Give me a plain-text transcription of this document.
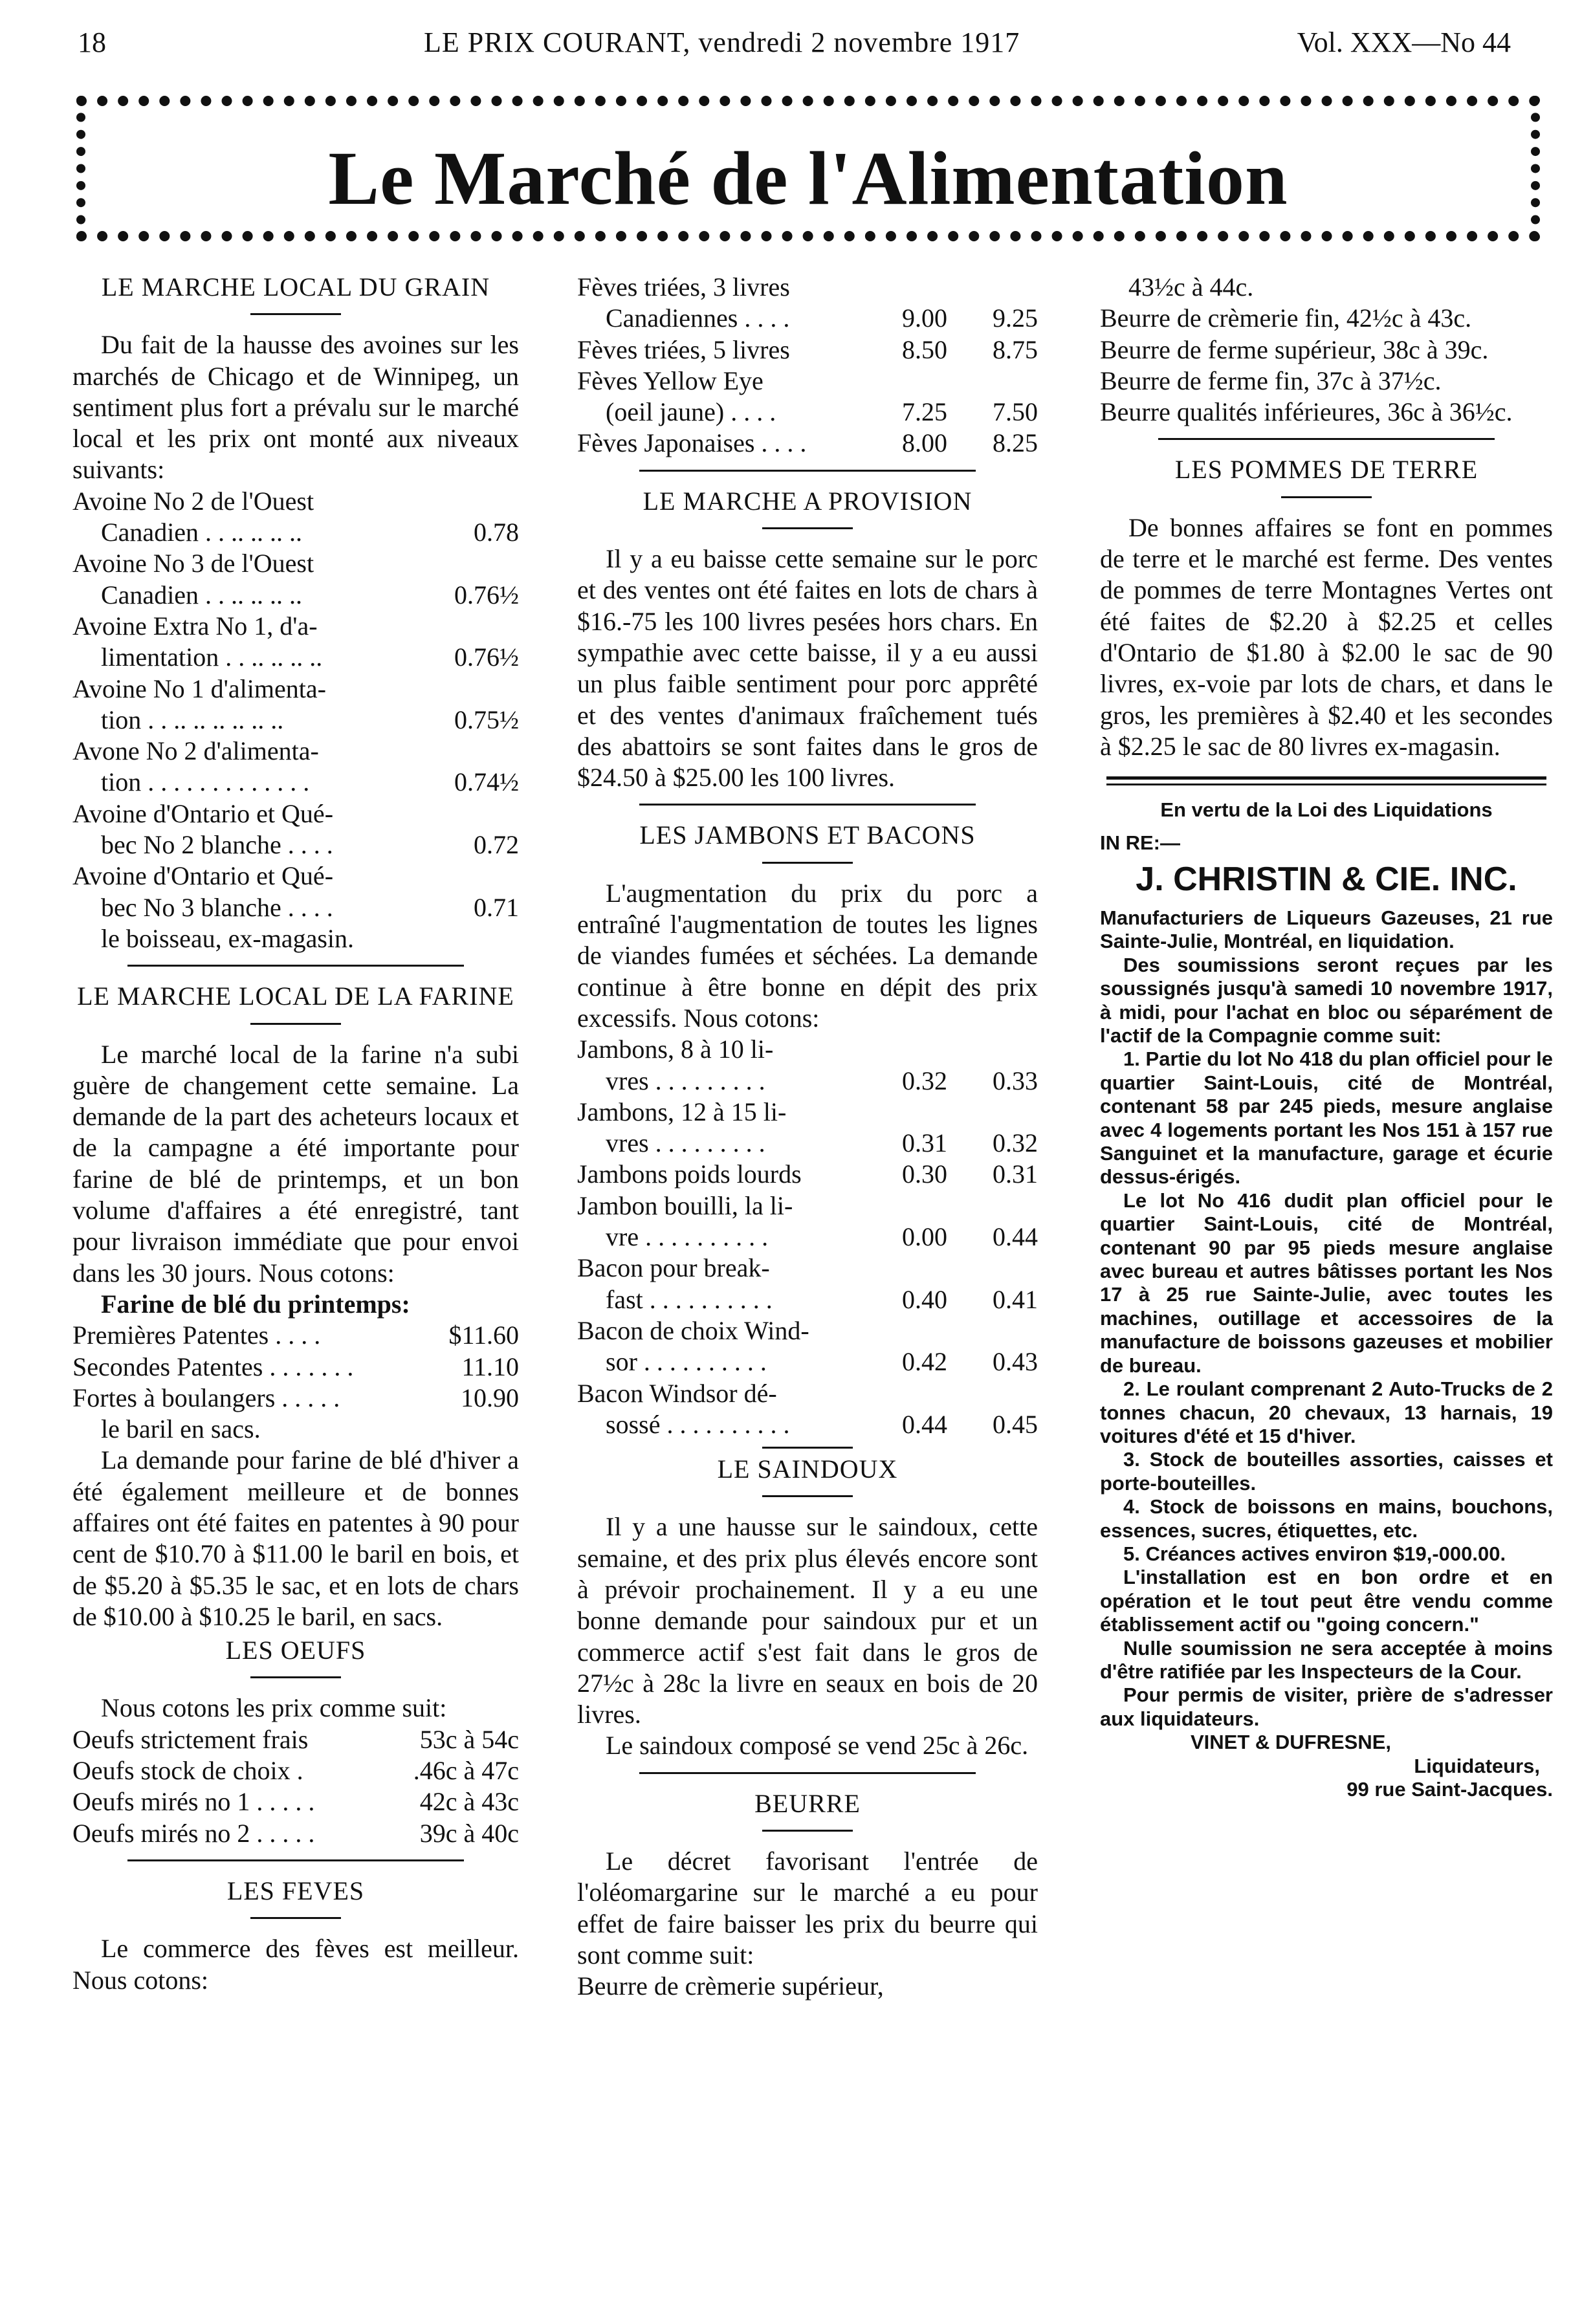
18	LE PRIX COURANT, vendredi 2 novembre 1917	Vol. XXX—No 44
Le Marché de l'Alimentation

LE MARCHE LOCAL DU GRAIN

Du fait de la hausse des avoines sur les marchés de Chicago et de Winnipeg, un sentiment plus fort a prévalu sur le marché local et les prix ont monté aux niveaux suivants:

Avoine No 2 de l'Ouest

Canadien . . .. .. .. ..	0.78

Avoine No 3 de l'Ouest

Canadien . . .. .. .. ..	0.76½

Avoine Extra No 1, d'a-

limentation . . .. .. .. ..	0.76½

Avoine No 1 d'alimenta-

tion . . .. .. .. .. .. ..	0.75½

Avone No 2 d'alimenta-

tion . . . . . . . . . . . . .	0.74½

Avoine d'Ontario et Qué-

bec No 2 blanche . . . .	0.72

Avoine d'Ontario et Qué-

bec No 3 blanche . . . .	0.71

le boisseau, ex-magasin.

LE MARCHE LOCAL DE LA FARINE

Le marché local de la farine n'a subi guère de changement cette semaine. La demande de la part des acheteurs locaux et de la campagne a été importante pour farine de blé de printemps, et un bon volume d'affaires a été enregistré, tant pour livraison immédiate que pour envoi dans les 30 jours. Nous cotons:

Farine de blé du printemps:

Premières Patentes . . . .	$11.60
Secondes Patentes . . . . . . .	11.10
Fortes à boulangers . . . . .	10.90

le baril en sacs.

La demande pour farine de blé d'hiver a été également meilleure et de bonnes affaires ont été faites en patentes à 90 pour cent de $10.70 à $11.00 le baril en bois, et de $5.20 à $5.35 le sac, et en lots de chars de $10.00 à $10.25 le baril, en sacs.

LES OEUFS

Nous cotons les prix comme suit:

Oeufs strictement frais	53c à 54c
Oeufs stock de choix .	.46c à 47c
Oeufs mirés no 1 . . . . .	42c à 43c
Oeufs mirés no 2 . . . . .	39c à 40c

LES FEVES

Le commerce des fèves est meilleur. Nous cotons:

Fèves triées, 3 livres

Canadiennes . . . .	9.00	9.25
Fèves triées, 5 livres	8.50	8.75

Fèves Yellow Eye

(oeil jaune) . . . .	7.25	7.50
Fèves Japonaises . . . .	8.00	8.25

LE MARCHE A PROVISION

Il y a eu baisse cette semaine sur le porc et des ventes ont été faites en lots de chars à $16.-75 les 100 livres pesées hors chars. En sympathie avec cette baisse, il y a eu aussi un plus faible sentiment pour porc apprêté et des ventes d'animaux fraîchement tués des abattoirs se sont faites dans le gros de $24.50 à $25.00 les 100 livres.

LES JAMBONS ET BACONS

L'augmentation du prix du porc a entraîné l'augmentation de toutes les lignes de viandes fumées et séchées. La demande continue à être bonne en dépit des prix excessifs. Nous cotons:

Jambons, 8 à 10 li-

vres . . . . . . . . .	0.32	0.33

Jambons, 12 à 15 li-

vres . . . . . . . . .	0.31	0.32
Jambons poids lourds	0.30	0.31

Jambon bouilli, la li-

vre . . . . . . . . . .	0.00	0.44

Bacon pour break-

fast . . . . . . . . . .	0.40	0.41

Bacon de choix Wind-

sor . . . . . . . . . .	0.42	0.43

Bacon Windsor dé-

sossé . . . . . . . . . .	0.44	0.45

LE SAINDOUX

Il y a une hausse sur le saindoux, cette semaine, et des prix plus élevés encore sont à prévoir prochainement. Il y a eu une bonne demande pour saindoux pur et un commerce actif s'est fait dans le gros de 27½c à 28c la livre en seaux en bois de 20 livres.

Le saindoux composé se vend 25c à 26c.

BEURRE

Le décret favorisant l'entrée de l'oléomargarine sur le marché a eu pour effet de faire baisser les prix du beurre qui sont comme suit:

Beurre de crèmerie supérieur,

43½c à 44c.

Beurre de crèmerie fin, 42½c à 43c.

Beurre de ferme supérieur, 38c à 39c.

Beurre de ferme fin, 37c à 37½c.

Beurre qualités inférieures, 36c à 36½c.

LES POMMES DE TERRE

De bonnes affaires se font en pommes de terre et le marché est ferme. Des ventes de pommes de terre Montagnes Vertes ont été faites de $2.20 à $2.25 et celles d'Ontario de $1.80 à $2.00 le sac de 90 livres, ex-voie par lots de chars, et dans le gros, les premières à $2.40 et les secondes à $2.25 le sac de 80 livres ex-magasin.

En vertu de la Loi des Liquidations

IN RE:—

J. CHRISTIN & CIE. INC.

Manufacturiers de Liqueurs Gazeuses, 21 rue Sainte-Julie, Montréal, en liquidation.

Des soumissions seront reçues par les soussignés jusqu'à samedi 10 novembre 1917, à midi, pour l'achat en bloc ou séparément de l'actif de la Compagnie comme suit:

1. Partie du lot No 418 du plan officiel pour le quartier Saint-Louis, cité de Montréal, contenant 58 par 245 pieds, mesure anglaise avec 4 logements portant les Nos 151 à 157 rue Sanguinet et la manufacture, garage et écurie dessus-érigés.

Le lot No 416 dudit plan officiel pour le quartier Saint-Louis, cité de Montréal, contenant 90 par 95 pieds mesure anglaise avec bureau et autres bâtisses portant les Nos 17 à 25 rue Sainte-Julie, avec toutes les machines, outillage et accessoires de la manufacture de boissons gazeuses et mobilier de bureau.

2. Le roulant comprenant 2 Auto-Trucks de 2 tonnes chacun, 20 chevaux, 13 harnais, 19 voitures d'été et 15 d'hiver.

3. Stock de bouteilles assorties, caisses et porte-bouteilles.

4. Stock de boissons en mains, bouchons, essences, sucres, étiquettes, etc.

5. Créances actives environ $19,-000.00.

L'installation est en bon ordre et en opération et le tout peut être vendu comme établissement actif ou "going concern."

Nulle soumission ne sera acceptée à moins d'être ratifiée par les Inspecteurs de la Cour.

Pour permis de visiter, prière de s'adresser aux liquidateurs.

VINET & DUFRESNE,

Liquidateurs,

99 rue Saint-Jacques.
